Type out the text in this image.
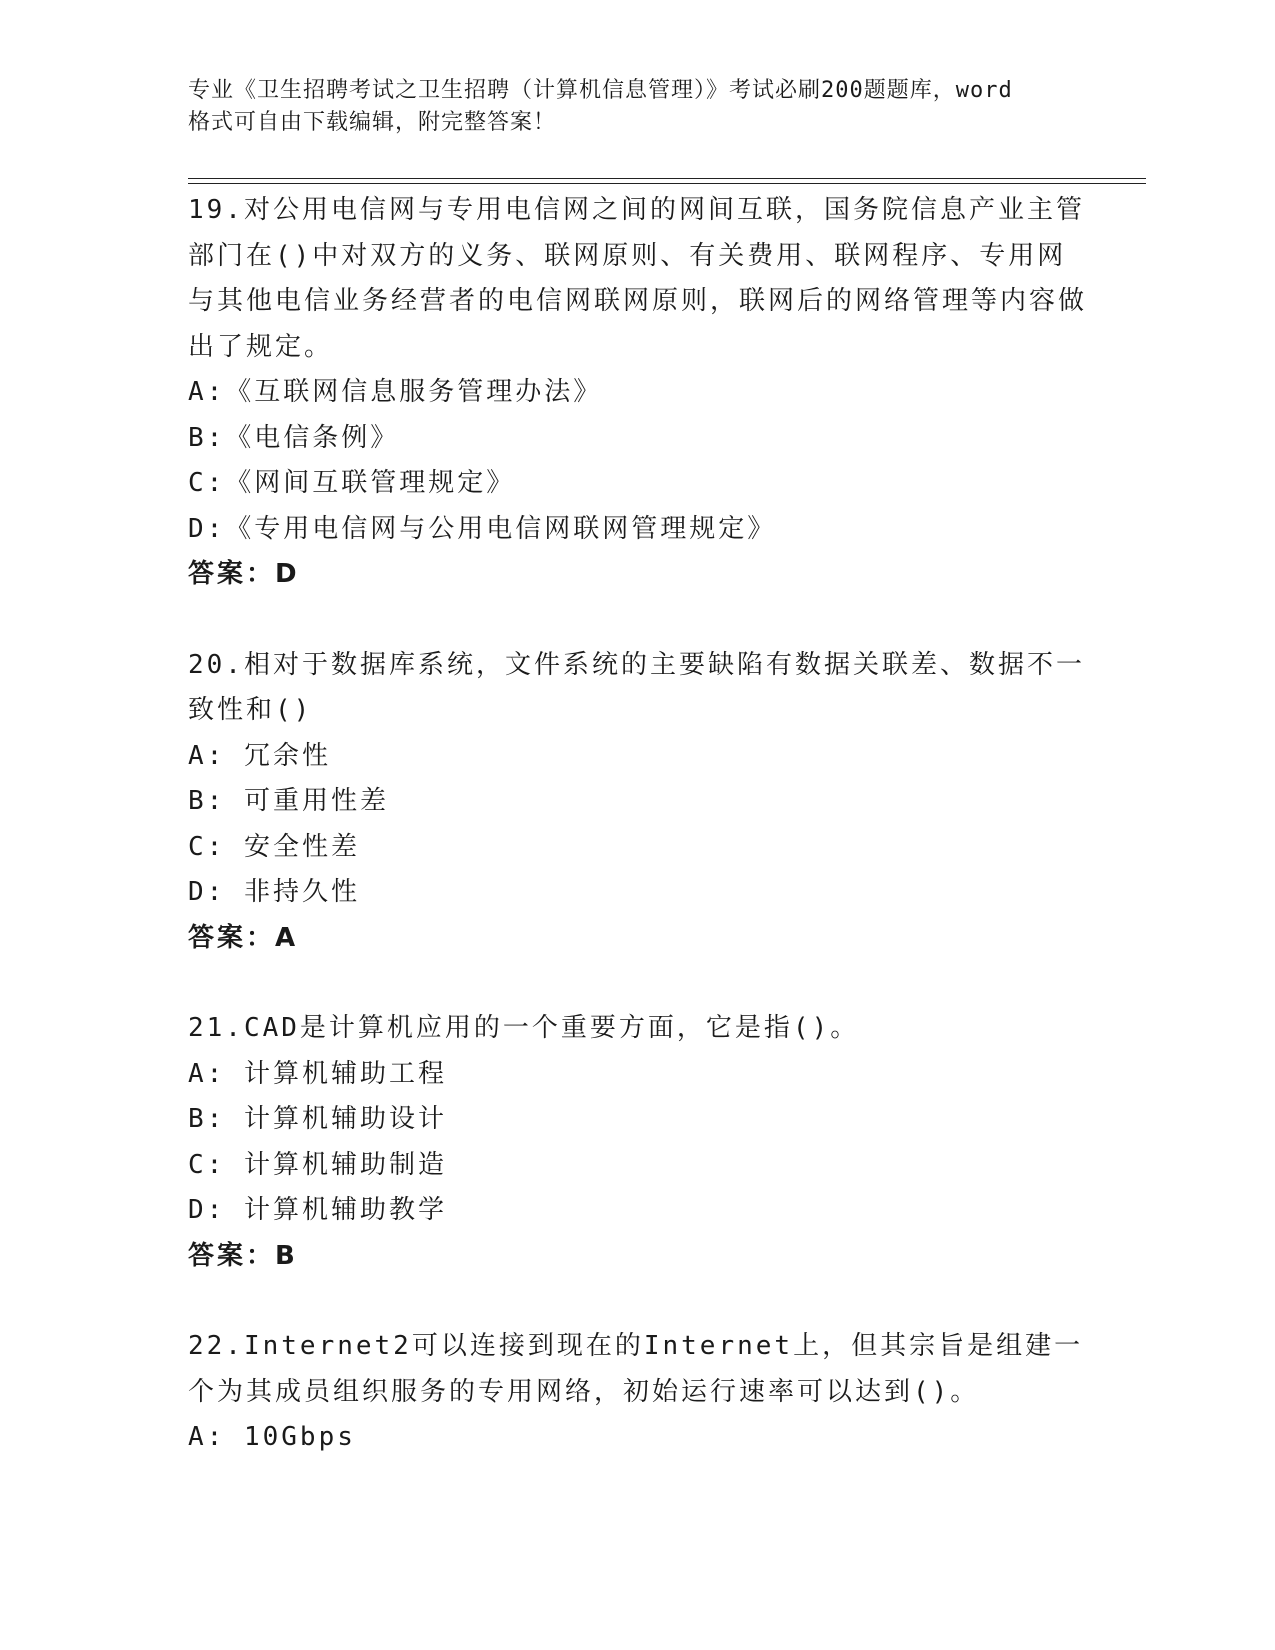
专业《卫生招聘考试之卫生招聘（计算机信息管理）》考试必刷200题题库，word
格式可自由下载编辑，附完整答案！

19.对公用电信网与专用电信网之间的网间互联，国务院信息产业主管部门在()中对双方的义务、联网原则、有关费用、联网程序、专用网与其他电信业务经营者的电信网联网原则，联网后的网络管理等内容做出了规定。

A:《互联网信息服务管理办法》

B:《电信条例》

C:《网间互联管理规定》

D:《专用电信网与公用电信网联网管理规定》

答案：D

20.相对于数据库系统，文件系统的主要缺陷有数据关联差、数据不一致性和()

A: 冗余性

B: 可重用性差

C: 安全性差

D: 非持久性

答案：A

21.CAD是计算机应用的一个重要方面，它是指()。

A: 计算机辅助工程

B: 计算机辅助设计

C: 计算机辅助制造

D: 计算机辅助教学

答案：B

22.Internet2可以连接到现在的Internet上，但其宗旨是组建一个为其成员组织服务的专用网络，初始运行速率可以达到()。

A: 10Gbps
